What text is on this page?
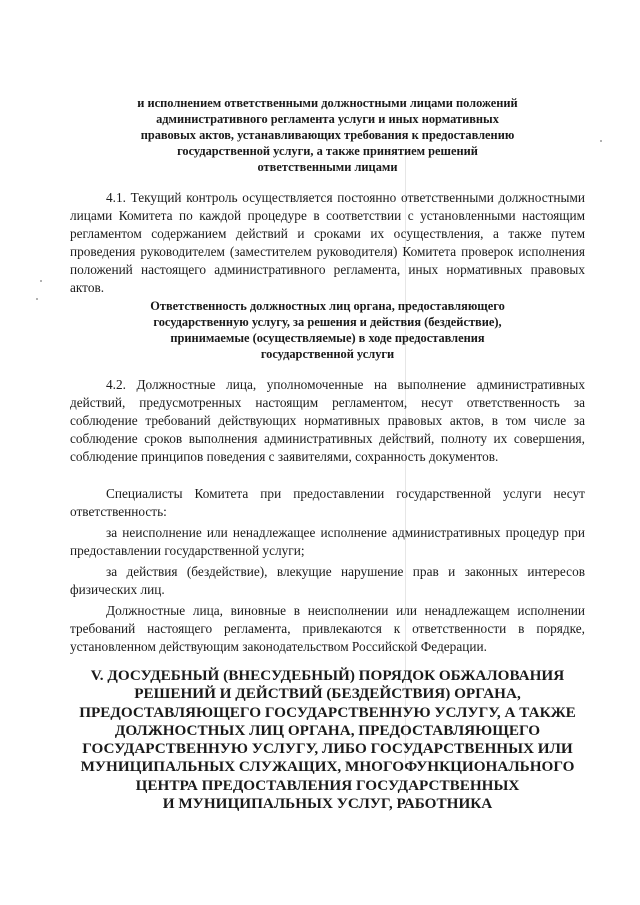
и исполнением ответственными должностными лицами положений
административного регламента услуги и иных нормативных
правовых актов, устанавливающих требования к предоставлению
государственной услуги, а также принятием решений
ответственными лицами
4.1. Текущий контроль осуществляется постоянно ответственными должностными лицами Комитета по каждой процедуре в соответствии с установленными настоящим регламентом содержанием действий и сроками их осуществления, а также путем проведения руководителем (заместителем руководителя) Комитета проверок исполнения положений настоящего административного регламента, иных нормативных правовых актов.
Ответственность должностных лиц органа, предоставляющего
государственную услугу, за решения и действия (бездействие),
принимаемые (осуществляемые) в ходе предоставления
государственной услуги
4.2. Должностные лица, уполномоченные на выполнение административных действий, предусмотренных настоящим регламентом, несут ответственность за соблюдение требований действующих нормативных правовых актов, в том числе за соблюдение сроков выполнения административных действий, полноту их совершения, соблюдение принципов поведения с заявителями, сохранность документов.
Специалисты Комитета при предоставлении государственной услуги несут ответственность:
за неисполнение или ненадлежащее исполнение административных процедур при предоставлении государственной услуги;
за действия (бездействие), влекущие нарушение прав и законных интересов физических лиц.
Должностные лица, виновные в неисполнении или ненадлежащем исполнении требований настоящего регламента, привлекаются к ответственности в порядке, установленном действующим законодательством Российской Федерации.
V. ДОСУДЕБНЫЙ (ВНЕСУДЕБНЫЙ) ПОРЯДОК ОБЖАЛОВАНИЯ
РЕШЕНИЙ И ДЕЙСТВИЙ (БЕЗДЕЙСТВИЯ) ОРГАНА,
ПРЕДОСТАВЛЯЮЩЕГО ГОСУДАРСТВЕННУЮ УСЛУГУ, А ТАКЖЕ
ДОЛЖНОСТНЫХ ЛИЦ ОРГАНА, ПРЕДОСТАВЛЯЮЩЕГО
ГОСУДАРСТВЕННУЮ УСЛУГУ, ЛИБО ГОСУДАРСТВЕННЫХ ИЛИ
МУНИЦИПАЛЬНЫХ СЛУЖАЩИХ, МНОГОФУНКЦИОНАЛЬНОГО
ЦЕНТРА ПРЕДОСТАВЛЕНИЯ ГОСУДАРСТВЕННЫХ
И МУНИЦИПАЛЬНЫХ УСЛУГ, РАБОТНИКА
